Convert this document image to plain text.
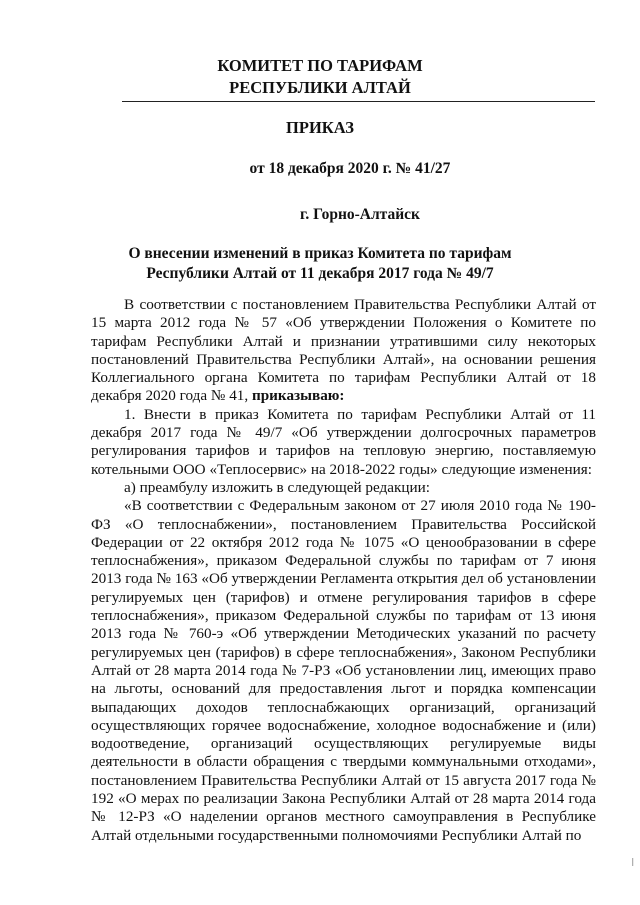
КОМИТЕТ ПО ТАРИФАМ
РЕСПУБЛИКИ АЛТАЙ
ПРИКАЗ
от 18 декабря 2020 г. № 41/27
г. Горно-Алтайск
О внесении изменений в приказ Комитета по тарифам Республики Алтай от 11 декабря 2017 года № 49/7

В соответствии с постановлением Правительства Республики Алтай от 15 марта 2012 года № 57 «Об утверждении Положения о Комитете по тарифам Республики Алтай и признании утратившими силу некоторых постановлений Правительства Республики Алтай», на основании решения Коллегиального органа Комитета по тарифам Республики Алтай от 18 декабря 2020 года № 41, приказываю:

1. Внести в приказ Комитета по тарифам Республики Алтай от 11 декабря 2017 года № 49/7 «Об утверждении долгосрочных параметров регулирования тарифов и тарифов на тепловую энергию, поставляемую котельными ООО «Теплосервис» на 2018-2022 годы» следующие изменения:

а) преамбулу изложить в следующей редакции:

«В соответствии с Федеральным законом от 27 июля 2010 года № 190-ФЗ «О теплоснабжении», постановлением Правительства Российской Федерации от 22 октября 2012 года № 1075 «О ценообразовании в сфере теплоснабжения», приказом Федеральной службы по тарифам от 7 июня 2013 года № 163 «Об утверждении Регламента открытия дел об установлении регулируемых цен (тарифов) и отмене регулирования тарифов в сфере теплоснабжения», приказом Федеральной службы по тарифам от 13 июня 2013 года № 760-э «Об утверждении Методических указаний по расчету регулируемых цен (тарифов) в сфере теплоснабжения», Законом Республики Алтай от 28 марта 2014 года № 7-РЗ «Об установлении лиц, имеющих право на льготы, оснований для предоставления льгот и порядка компенсации выпадающих доходов теплоснабжающих организаций, организаций осуществляющих горячее водоснабжение, холодное водоснабжение и (или) водоотведение, организаций осуществляющих регулируемые виды деятельности в области обращения с твердыми коммунальными отходами», постановлением Правительства Республики Алтай от 15 августа 2017 года № 192 «О мерах по реализации Закона Республики Алтай от 28 марта 2014 года № 12-РЗ «О наделении органов местного самоуправления в Республике Алтай отдельными государственными полномочиями Республики Алтай по

ǀ
